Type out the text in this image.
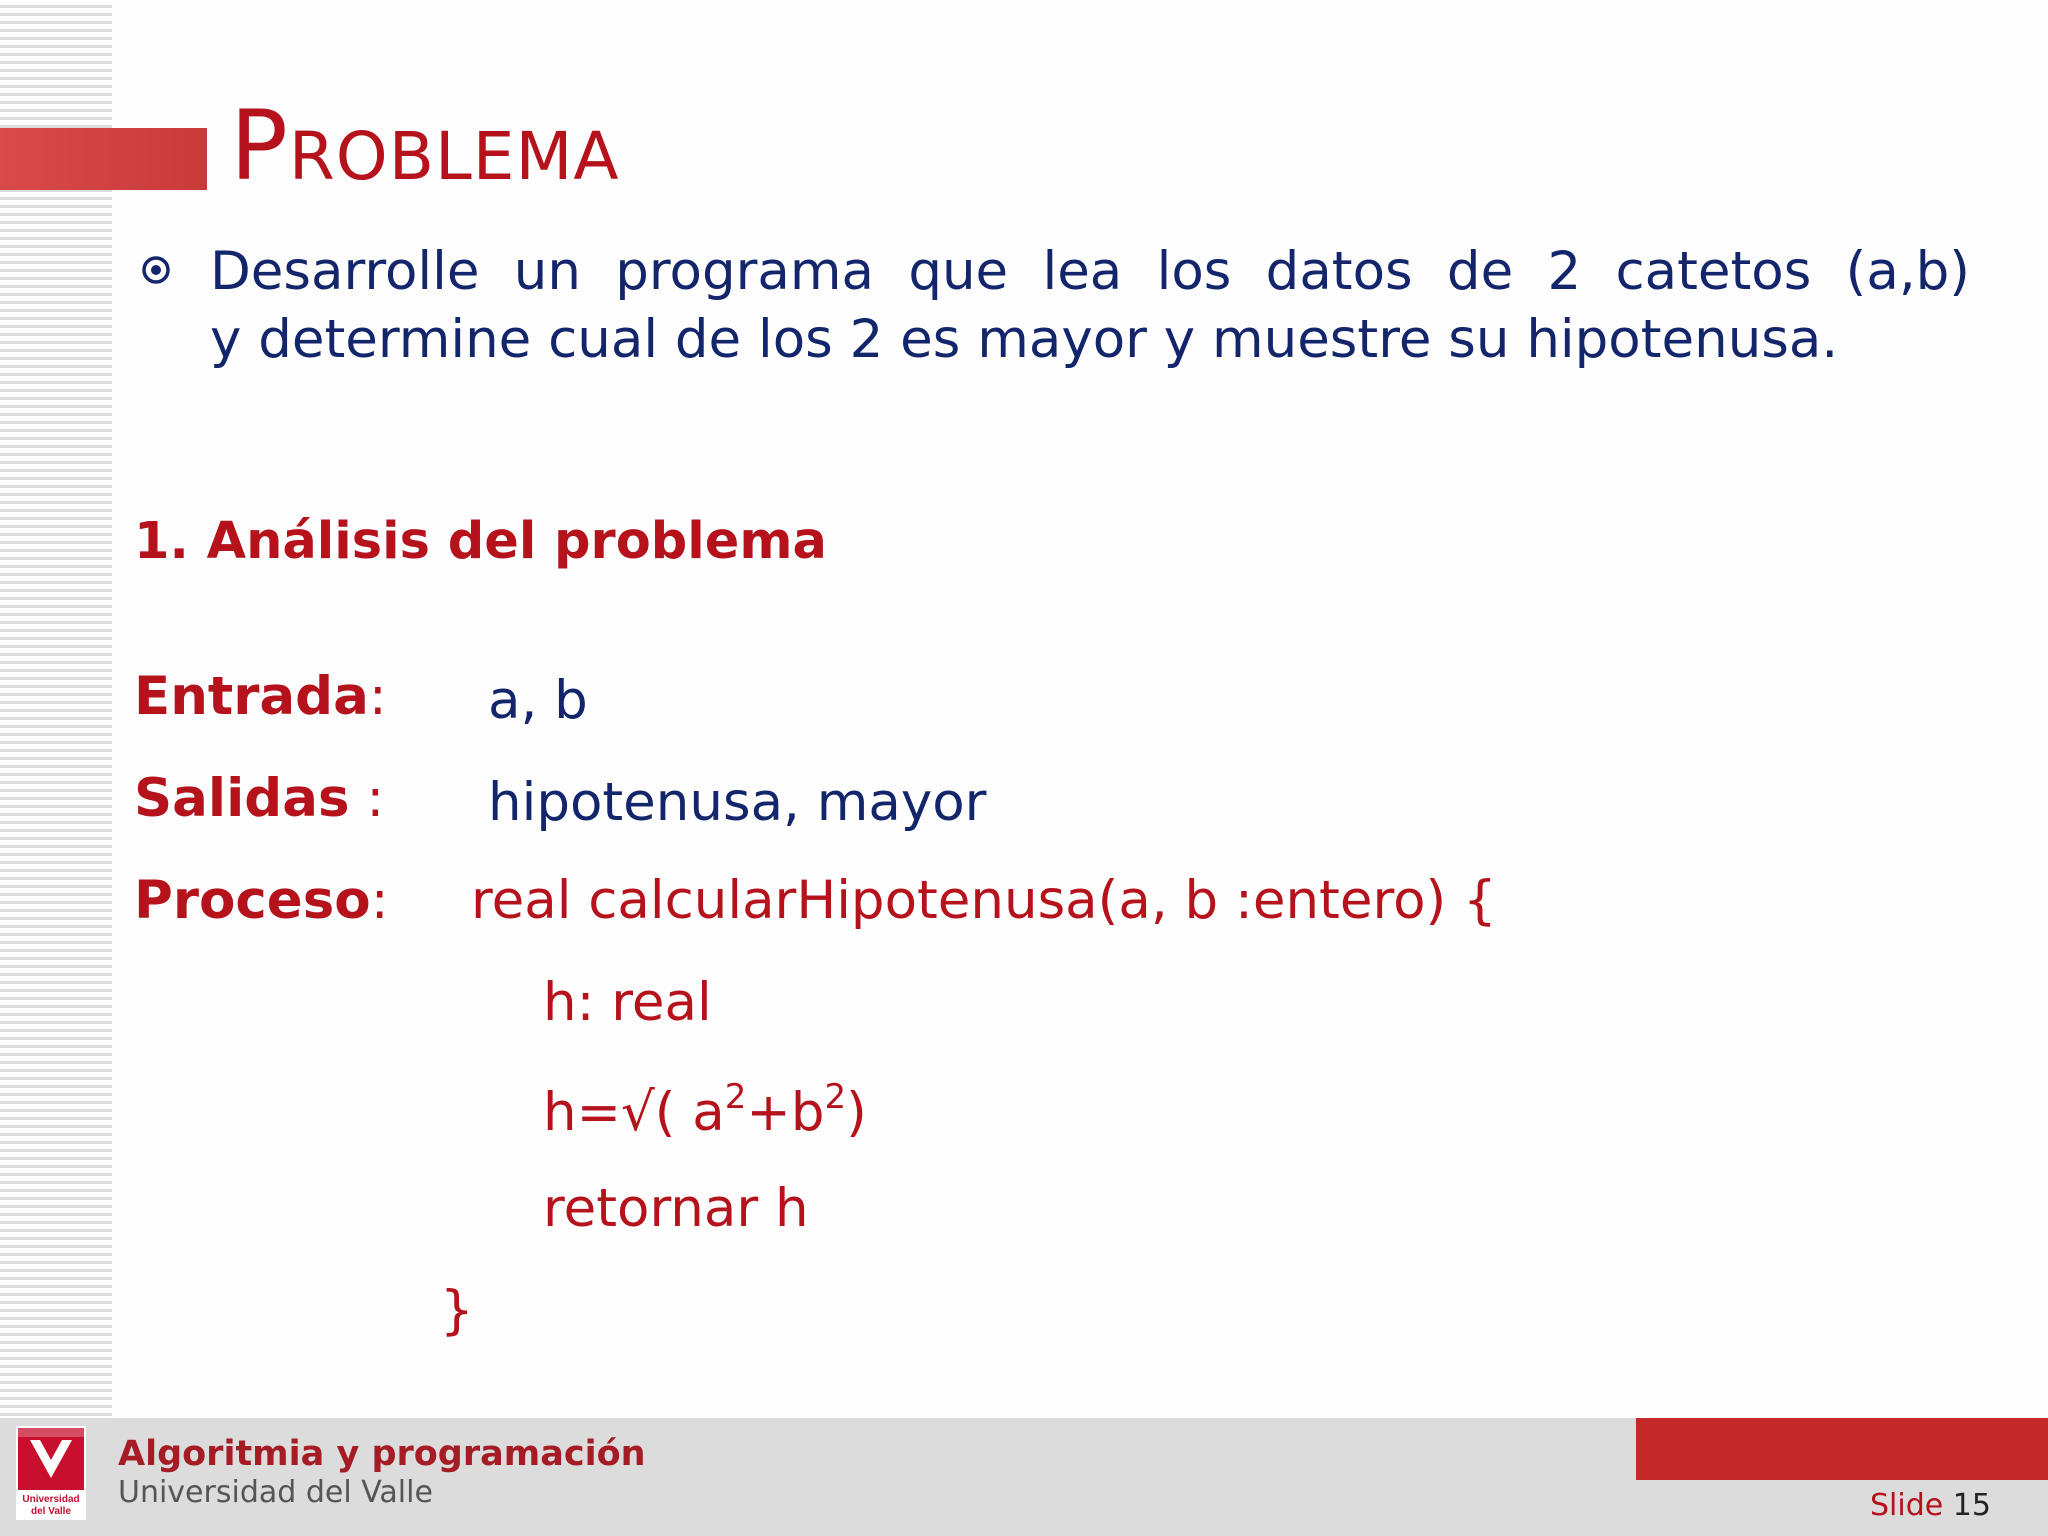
PROBLEMA
Desarrolle un programa que lea los datos de 2 catetos (a,b)
y determine cual de los 2 es mayor y muestre su hipotenusa.
1. Análisis del problema
Entrada: a, b
Salidas : hipotenusa, mayor
Proceso: real calcularHipotenusa(a, b :entero) {
h: real
h=√( $a^2+b^2$)
retornar h
}
Universidad
del Valle
Algoritmia y programación
Universidad del Valle	Slide 15
